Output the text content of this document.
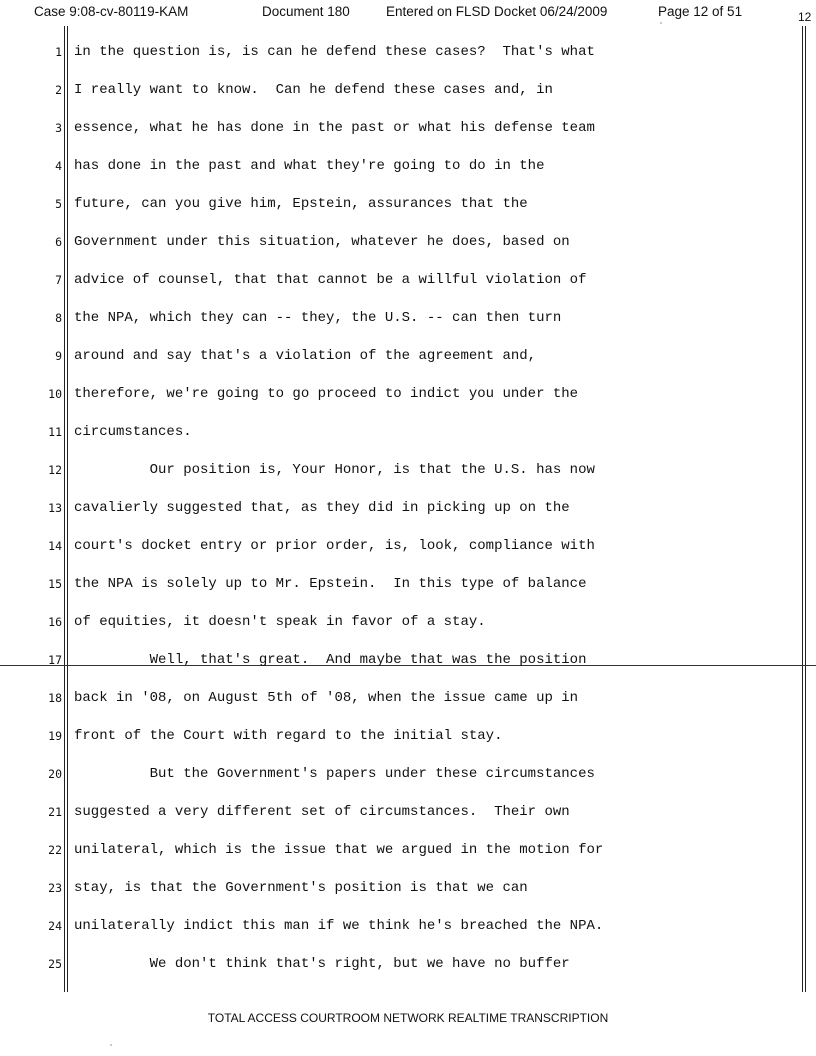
Case 9:08-cv-80119-KAM	Document 180	Entered on FLSD Docket 06/24/2009	Page 12 of 51	12
1 in the question is, is can he defend these cases?  That's what
2 I really want to know.  Can he defend these cases and, in
3 essence, what he has done in the past or what his defense team
4 has done in the past and what they're going to do in the
5 future, can you give him, Epstein, assurances that the
6 Government under this situation, whatever he does, based on
7 advice of counsel, that that cannot be a willful violation of
8 the NPA, which they can -- they, the U.S. -- can then turn
9 around and say that's a violation of the agreement and,
10 therefore, we're going to go proceed to indict you under the
11 circumstances.
12 Our position is, Your Honor, is that the U.S. has now
13 cavalierly suggested that, as they did in picking up on the
14 court's docket entry or prior order, is, look, compliance with
15 the NPA is solely up to Mr. Epstein.  In this type of balance
16 of equities, it doesn't speak in favor of a stay.
17 Well, that's great.  And maybe that was the position
18 back in '08, on August 5th of '08, when the issue came up in
19 front of the Court with regard to the initial stay.
20 But the Government's papers under these circumstances
21 suggested a very different set of circumstances.  Their own
22 unilateral, which is the issue that we argued in the motion for
23 stay, is that the Government's position is that we can
24 unilaterally indict this man if we think he's breached the NPA.
25 We don't think that's right, but we have no buffer
TOTAL ACCESS COURTROOM NETWORK REALTIME TRANSCRIPTION
